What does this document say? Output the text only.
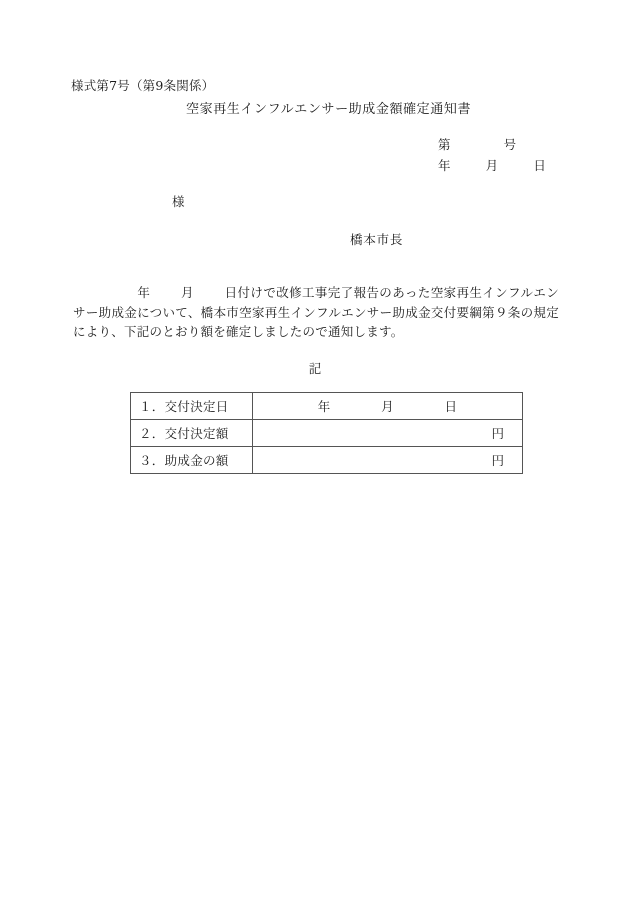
様式第7号（第9条関係）
空家再生インフルエンサー助成金額確定通知書
第	号
年	月	日
様
橋本市長
年 月 日付けで改修工事完了報告のあった空家再生インフルエンサー助成金について、橋本市空家再生インフルエンサー助成金交付要綱第９条の規定により、下記のとおり額を確定しましたので通知します。
記
１．交付決定日	年 月 日

２．交付決定額	円

３．助成金の額	円
